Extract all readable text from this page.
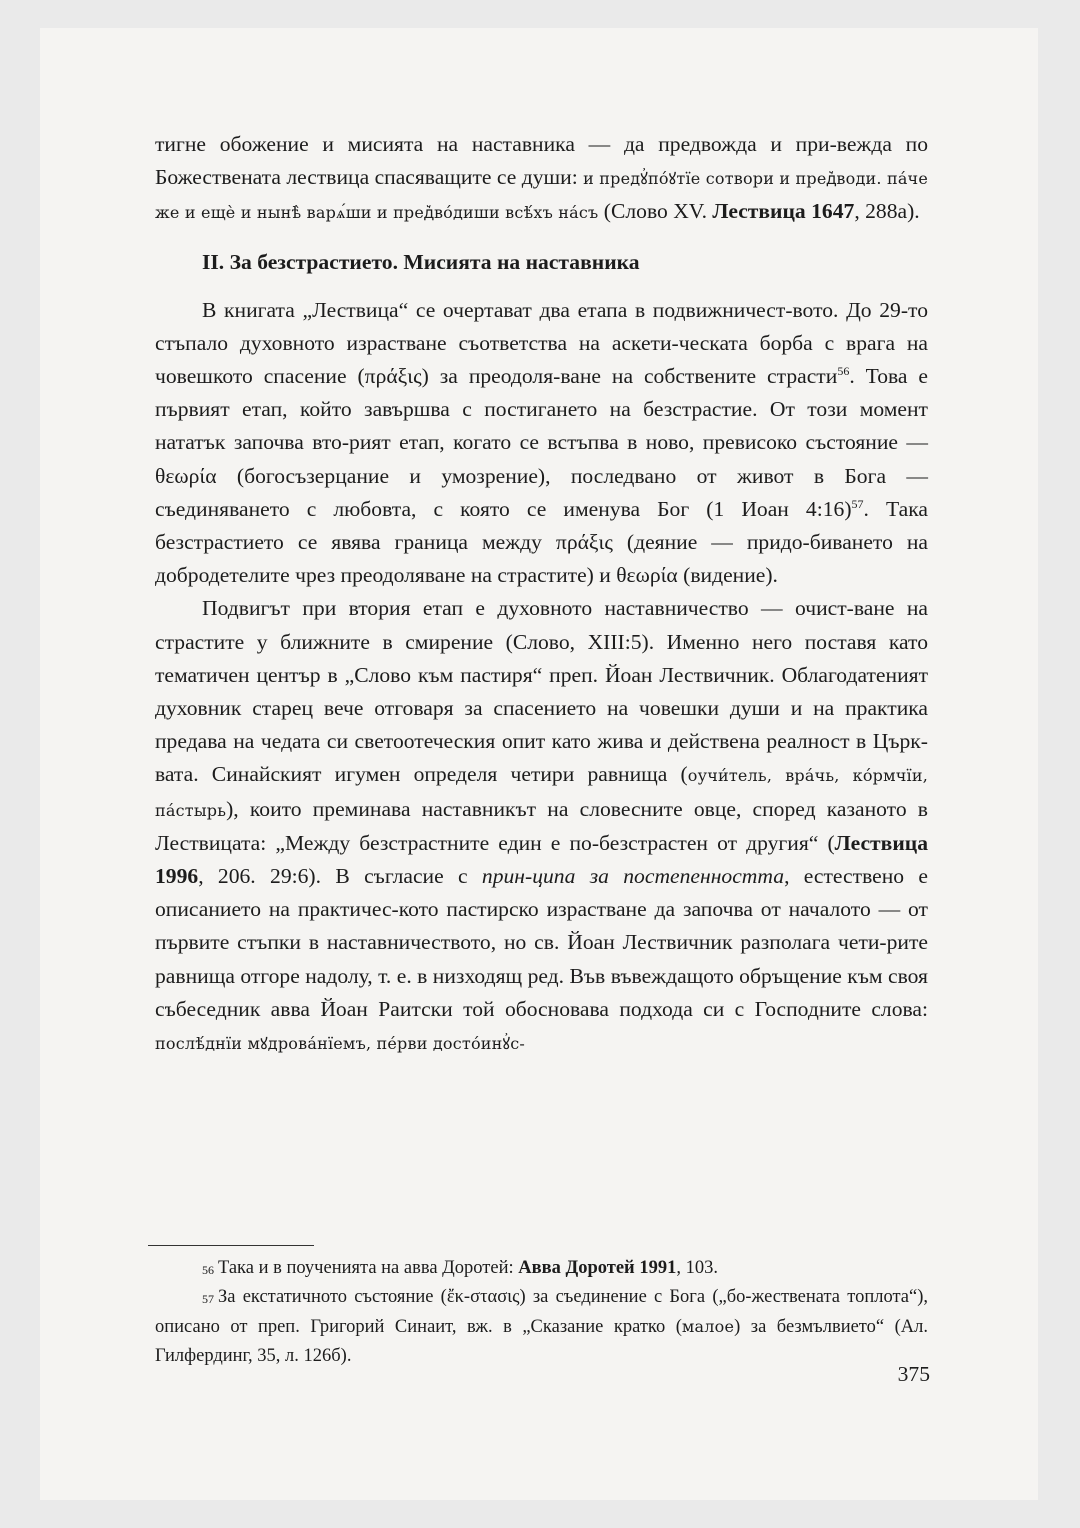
тигне обожение и мисията на наставника — да предвожда и при-вежда по Божествената лествица спасяващите се души: и предꙋ҆по́ꙋтїе сотвори и пред꙽води. па́че же и ещѐ и нынѣ̀ варѧ́ши и пред꙽во́диши всѣ́хъ на́съ (Слово XV. Лествица 1647, 288а).

II. За безстрастието. Мисията на наставника

В книгата „Лествица“ се очертават два етапа в подвижничест-вото. До 29-то стъпало духовното израстване съответства на аскети-ческата борба с врага на човешкото спасение (πράξις) за преодоля-ване на собствените страсти$^{56}$. Това е първият етап, който завършва с постигането на безстрастие. От този момент нататък започва вто-рият етап, когато се встъпва в ново, превисоко състояние — θεωρία (богосъзерцание и умозрение), последвано от живот в Бога — съединяването с любовта, с която се именува Бог (1 Иоан 4:16)$^{57}$. Така безстрастието се явява граница между πράξις (деяние — придо-биването на добродетелите чрез преодоляване на страстите) и θεωρία (видение).

Подвигът при втория етап е духовното наставничество — очист-ване на страстите у ближните в смирение (Слово, XIII:5). Именно него поставя като тематичен център в „Слово към пастиря“ преп. Йоан Лествичник. Облагодатеният духовник старец вече отговаря за спасението на човешки души и на практика предава на чедата си светоотеческия опит като жива и действена реалност в Църк-вата. Синайският игумен определя четири равнища (оучи́тель, вра́чь, ко́рмчїи, па́стырь), които преминава наставникът на словесните овце, според казаното в Лествицата: „Между безстрастните един е по-безстрастен от другия“ (Лествица 1996, 206. 29:6). В съгласие с прин-ципа за постепенността, естествено е описанието на практичес-кото пастирско израстване да започва от началото — от първите стъпки в наставничеството, но св. Йоан Лествичник разполага чети-рите равнища отгоре надолу, т. е. в низходящ ред. Във въвеждащото обръщение към своя събеседник авва Йоан Раитски той обосновава подхода си с Господните слова: послѣ́днїи мꙋдрова́нїемъ, пе́рви досто́инꙋ҆с-

$^{56}$ Така и в поученията на авва Доротей: Авва Доротей 1991, 103.

$^{57}$ За екстатичното състояние (ἔκ-στασις) за съединение с Бога („бо-жествената топлота“), описано от преп. Григорий Синаит, вж. в „Сказание кратко (малое) за безмълвието“ (Ал. Гилфердинг, 35, л. 126б).

375
